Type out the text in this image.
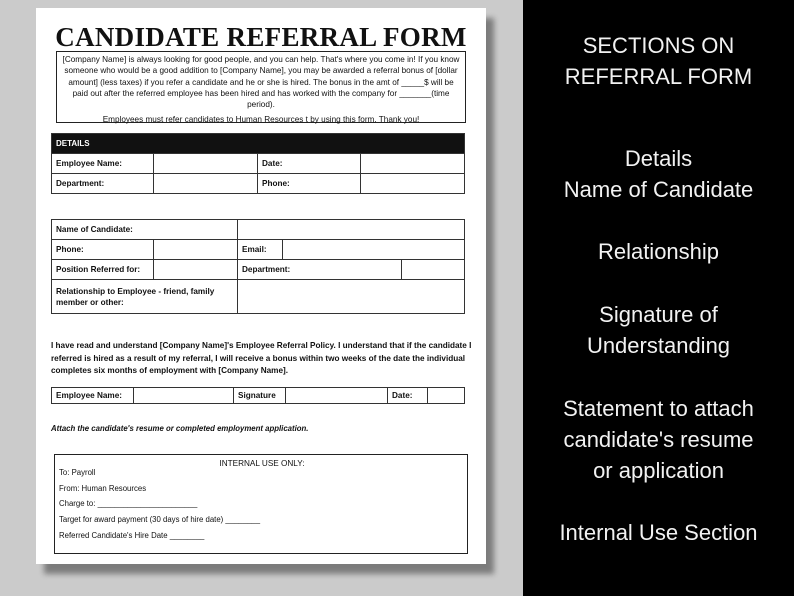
CANDIDATE REFERRAL FORM
[Company Name] is always looking for good people, and you can help. That's where you come in! If you know someone who would be a good addition to [Company Name], you may be awarded a referral bonus of [dollar amount] (less taxes) if you refer a candidate and he or she is hired. The bonus in the amt of _____$ will be paid out after the referred employee has been hired and has worked with the company for _______(time period).
Employees must refer candidates to Human Resources t by using this form. Thank you!
DETAILS			
Employee Name:		Date:	
Department:		Phone:	
Name of Candidate:				
Phone:		Email:		
Position Referred for:		Department:		
Relationship to Employee - friend, family member or other:				
I have read and understand [Company Name]'s Employee Referral Policy. I understand that if the candidate I referred is hired as a result of my referral, I will receive a bonus within two weeks of the date the individual completes six months of employment with [Company Name].
Employee Name:		Signature		Date:	
Attach the candidate's resume or completed employment application.
INTERNAL USE ONLY:
To: Payroll
From: Human Resources
Charge to: _______________________
Target for award payment (30 days of hire date) ________
Referred Candidate's Hire Date ________
SECTIONS ON
REFERRAL FORM
Details
Name of Candidate
Relationship
Signature of
Understanding
Statement to attach
candidate's resume
or application
Internal Use Section
